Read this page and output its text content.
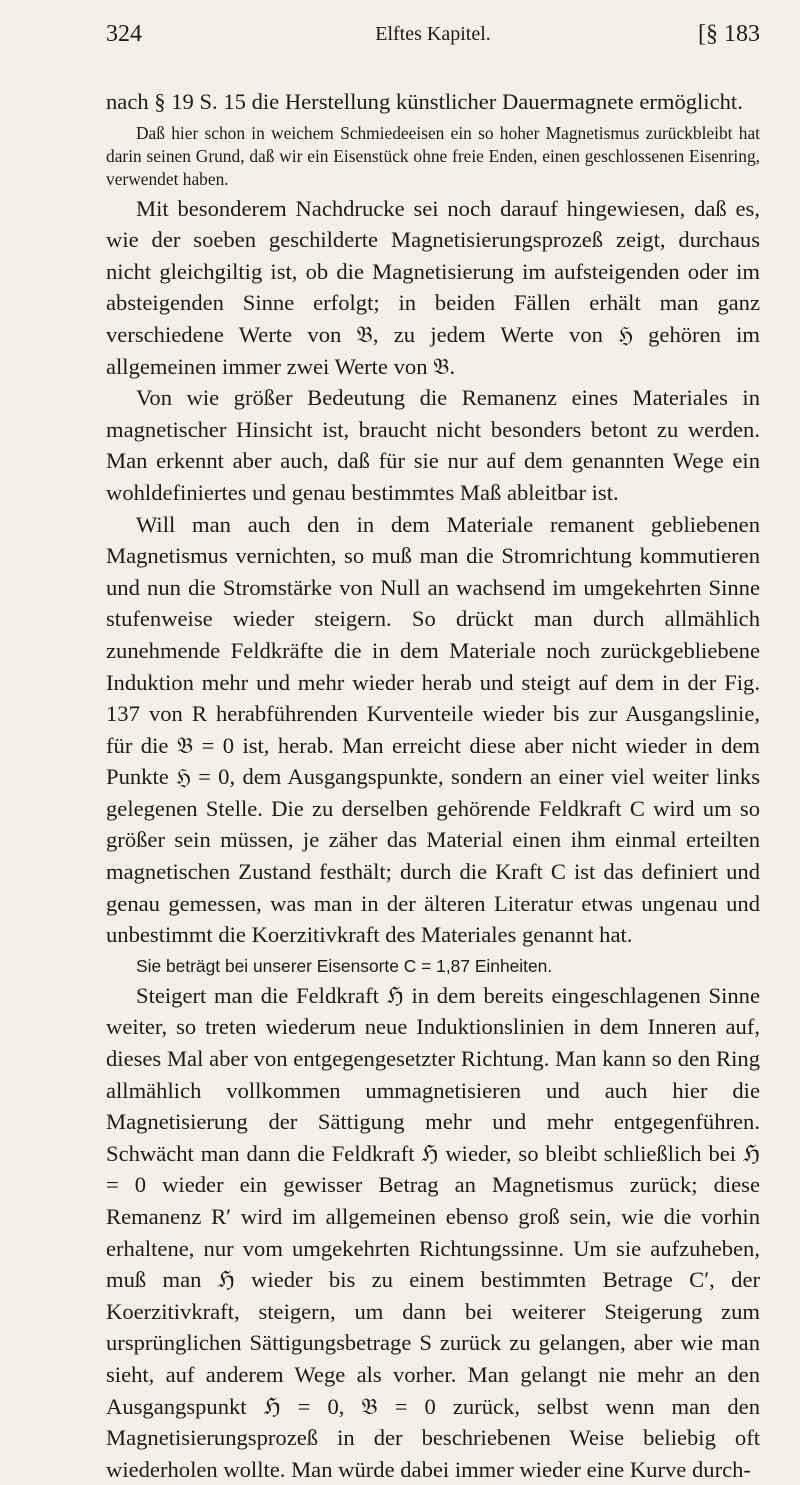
324	Elftes Kapitel.	[§ 183

nach § 19 S. 15 die Herstellung künstlicher Dauermagnete ermöglicht.

Daß hier schon in weichem Schmiedeeisen ein so hoher Magnetismus zurückbleibt hat darin seinen Grund, daß wir ein Eisenstück ohne freie Enden, einen geschlossenen Eisenring, verwendet haben.

Mit besonderem Nachdrucke sei noch darauf hingewiesen, daß es, wie der soeben geschilderte Magnetisierungsprozeß zeigt, durchaus nicht gleichgiltig ist, ob die Magnetisierung im aufsteigenden oder im absteigenden Sinne erfolgt; in beiden Fällen erhält man ganz verschiedene Werte von 𝔅, zu jedem Werte von ℌ gehören im allgemeinen immer zwei Werte von 𝔅.

Von wie größer Bedeutung die Remanenz eines Materiales in magnetischer Hinsicht ist, braucht nicht besonders betont zu werden. Man erkennt aber auch, daß für sie nur auf dem genannten Wege ein wohldefiniertes und genau bestimmtes Maß ableitbar ist.

Will man auch den in dem Materiale remanent gebliebenen Magnetismus vernichten, so muß man die Stromrichtung kommutieren und nun die Stromstärke von Null an wachsend im umgekehrten Sinne stufenweise wieder steigern. So drückt man durch allmählich zunehmende Feldkräfte die in dem Materiale noch zurückgebliebene Induktion mehr und mehr wieder herab und steigt auf dem in der Fig. 137 von R herabführenden Kurventeile wieder bis zur Ausgangslinie, für die 𝔅 = 0 ist, herab. Man erreicht diese aber nicht wieder in dem Punkte ℌ = 0, dem Ausgangspunkte, sondern an einer viel weiter links gelegenen Stelle. Die zu derselben gehörende Feldkraft C wird um so größer sein müssen, je zäher das Material einen ihm einmal erteilten magnetischen Zustand festhält; durch die Kraft C ist das definiert und genau gemessen, was man in der älteren Literatur etwas ungenau und unbestimmt die Koerzitivkraft des Materiales genannt hat.

Sie beträgt bei unserer Eisensorte C = 1,87 Einheiten.

Steigert man die Feldkraft ℌ in dem bereits eingeschlagenen Sinne weiter, so treten wiederum neue Induktionslinien in dem Inneren auf, dieses Mal aber von entgegengesetzter Richtung. Man kann so den Ring allmählich vollkommen ummagnetisieren und auch hier die Magnetisierung der Sättigung mehr und mehr entgegenführen. Schwächt man dann die Feldkraft ℌ wieder, so bleibt schließlich bei ℌ = 0 wieder ein gewisser Betrag an Magnetismus zurück; diese Remanenz R′ wird im allgemeinen ebenso groß sein, wie die vorhin erhaltene, nur vom umgekehrten Richtungssinne. Um sie aufzuheben, muß man ℌ wieder bis zu einem bestimmten Betrage C′, der Koerzitivkraft, steigern, um dann bei weiterer Steigerung zum ursprünglichen Sättigungsbetrage S zurück zu gelangen, aber wie man sieht, auf anderem Wege als vorher. Man gelangt nie mehr an den Ausgangspunkt ℌ = 0, 𝔅 = 0 zurück, selbst wenn man den Magnetisierungsprozeß in der beschriebenen Weise beliebig oft wiederholen wollte. Man würde dabei immer wieder eine Kurve durch-
